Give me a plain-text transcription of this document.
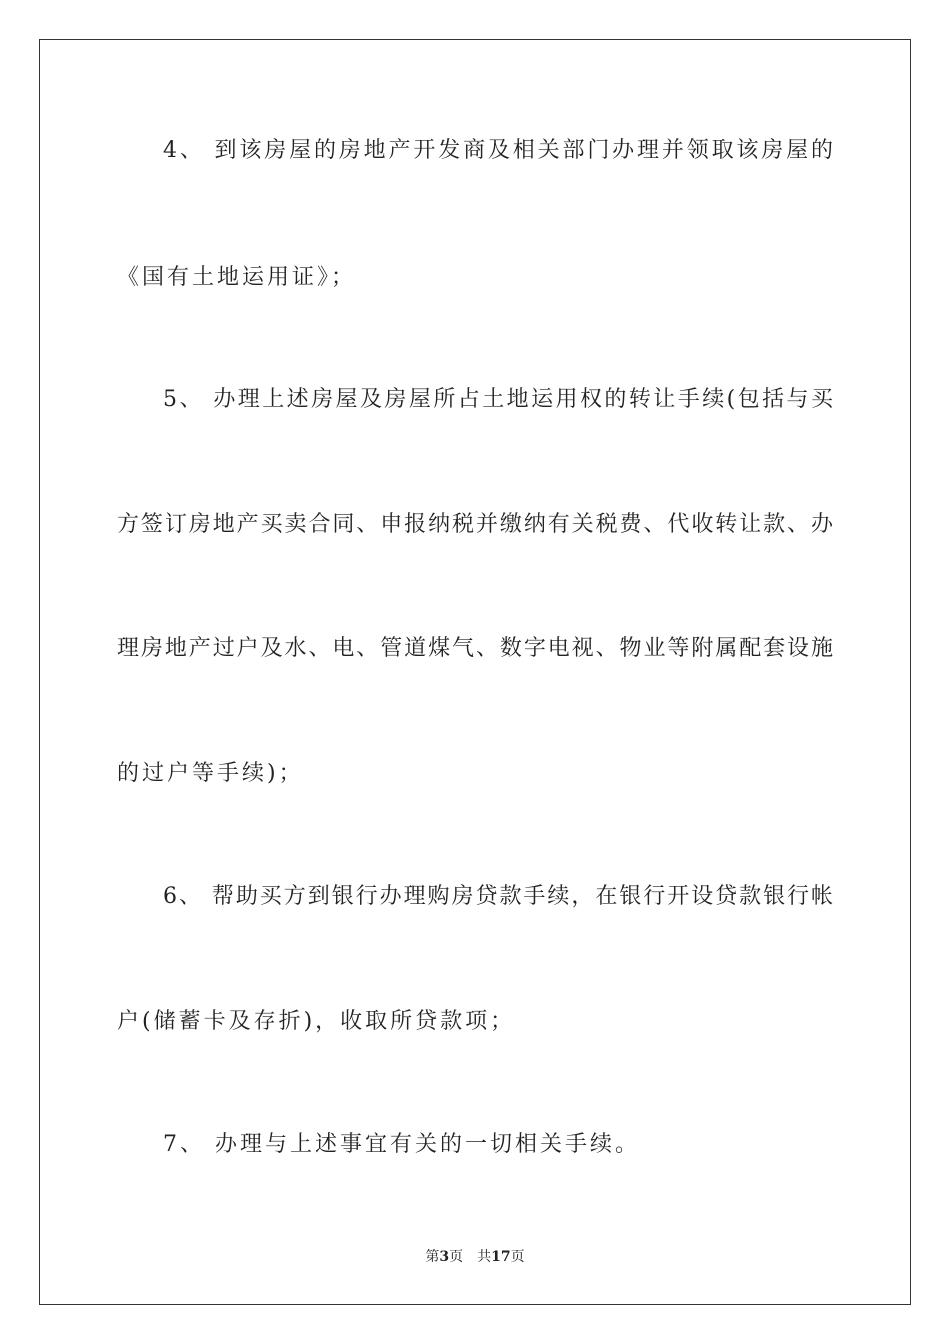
4、 到该房屋的房地产开发商及相关部门办理并领取该房屋的
《国有土地运用证》；
5、 办理上述房屋及房屋所占土地运用权的转让手续(包括与买
方签订房地产买卖合同、申报纳税并缴纳有关税费、代收转让款、办
理房地产过户及水、电、管道煤气、数字电视、物业等附属配套设施
的过户等手续)；
6、 帮助买方到银行办理购房贷款手续，在银行开设贷款银行帐
户(储蓄卡及存折)，收取所贷款项；
7、 办理与上述事宜有关的一切相关手续。
第3页 共17页
